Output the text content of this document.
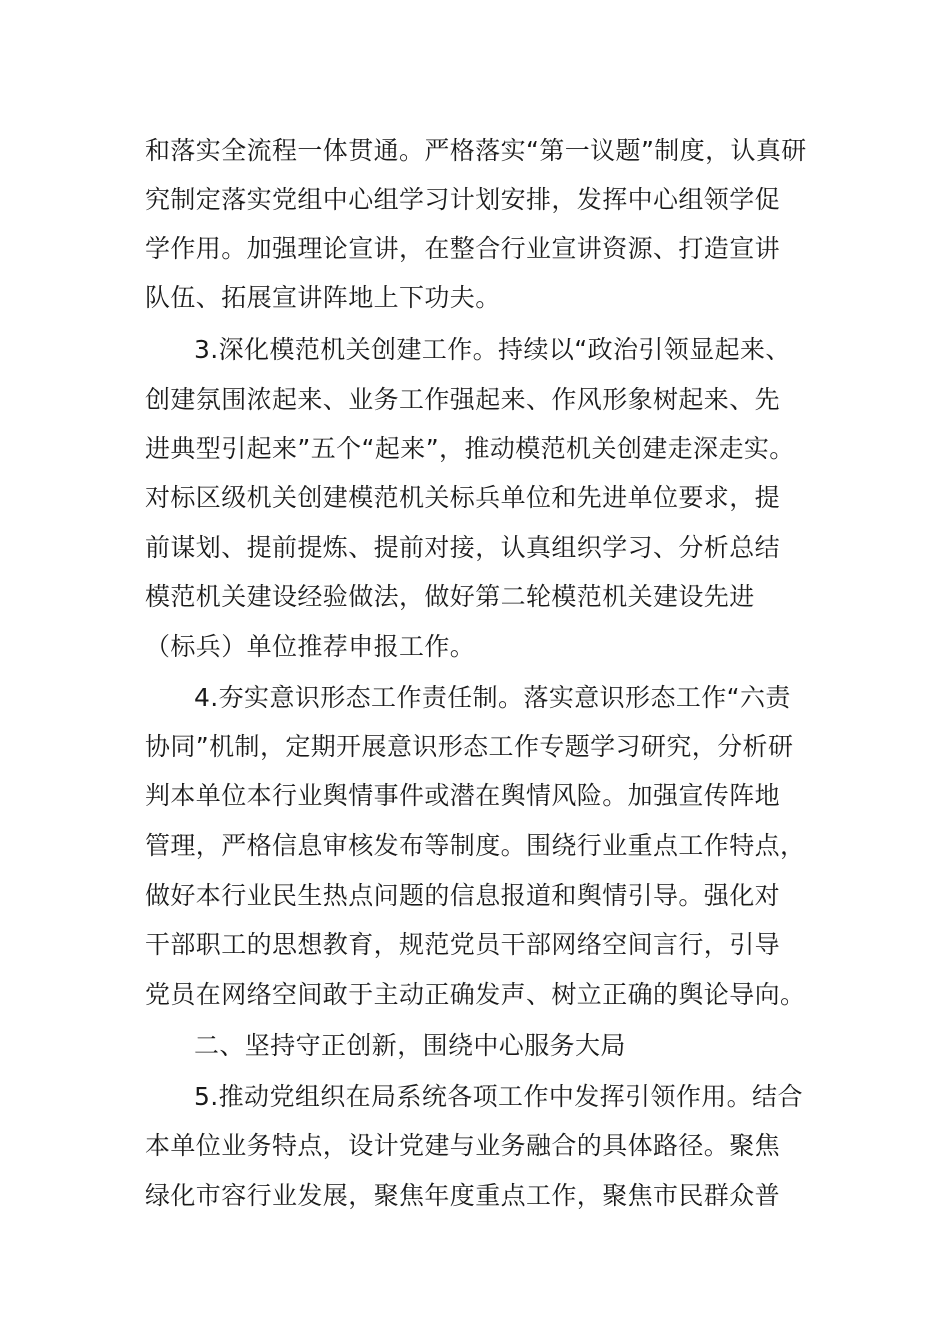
和落实全流程一体贯通。严格落实“第一议题”制度，认真研
究制定落实党组中心组学习计划安排，发挥中心组领学促
学作用。加强理论宣讲，在整合行业宣讲资源、打造宣讲
队伍、拓展宣讲阵地上下功夫。
3.深化模范机关创建工作。持续以“政治引领显起来、
创建氛围浓起来、业务工作强起来、作风形象树起来、先
进典型引起来”五个“起来”，推动模范机关创建走深走实。
对标区级机关创建模范机关标兵单位和先进单位要求，提
前谋划、提前提炼、提前对接，认真组织学习、分析总结
模范机关建设经验做法，做好第二轮模范机关建设先进
（标兵）单位推荐申报工作。
4.夯实意识形态工作责任制。落实意识形态工作“六责
协同”机制，定期开展意识形态工作专题学习研究，分析研
判本单位本行业舆情事件或潜在舆情风险。加强宣传阵地
管理，严格信息审核发布等制度。围绕行业重点工作特点，
做好本行业民生热点问题的信息报道和舆情引导。强化对
干部职工的思想教育，规范党员干部网络空间言行，引导
党员在网络空间敢于主动正确发声、树立正确的舆论导向。
二、坚持守正创新，围绕中心服务大局
5.推动党组织在局系统各项工作中发挥引领作用。结合
本单位业务特点，设计党建与业务融合的具体路径。聚焦
绿化市容行业发展，聚焦年度重点工作，聚焦市民群众普
